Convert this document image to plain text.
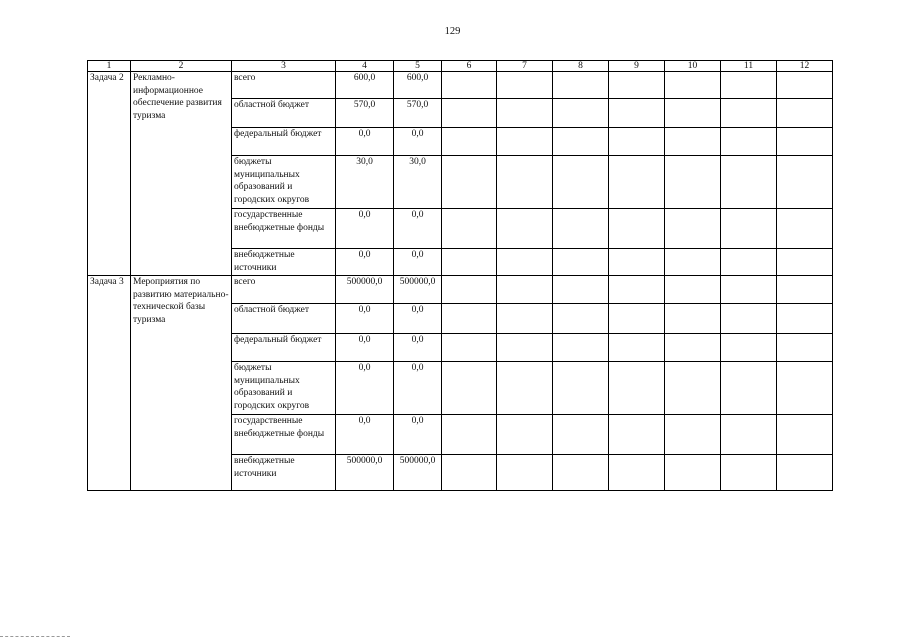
129
1	2	3	4	5	6	7	8	9	10	11	12
Задача 2	Рекламно-информационное обеспечение развития туризма	всего	600,0	600,0							
		областной бюджет	570,0	570,0							
		федеральный бюджет	0,0	0,0							
		бюджеты муниципальных образований и городских округов	30,0	30,0							
		государственные внебюджетные фонды	0,0	0,0							
		внебюджетные источники	0,0	0,0							
Задача 3	Мероприятия по развитию материально-технической базы туризма	всего	500000,0	500000,0							
		областной бюджет	0,0	0,0							
		федеральный бюджет	0,0	0,0							
		бюджеты муниципальных образований и городских округов	0,0	0,0							
		государственные внебюджетные фонды	0,0	0,0							
		внебюджетные источники	500000,0	500000,0							
